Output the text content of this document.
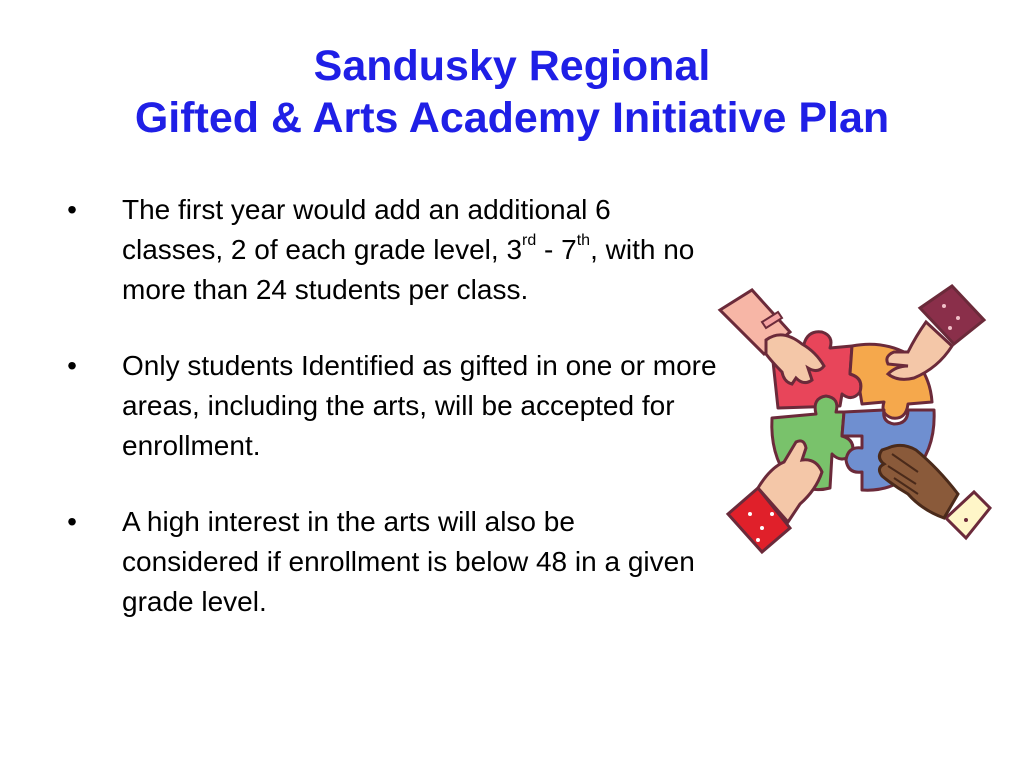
Sandusky Regional
Gifted & Arts Academy Initiative Plan
• The first year would add an additional 6 classes, 2 of each grade level, 3rd - 7th, with no more than 24 students per class.
• Only students Identified as gifted in one or more areas, including the arts, will be accepted for enrollment.
• A high interest in the arts will also be considered if enrollment is below 48 in a given grade level.
